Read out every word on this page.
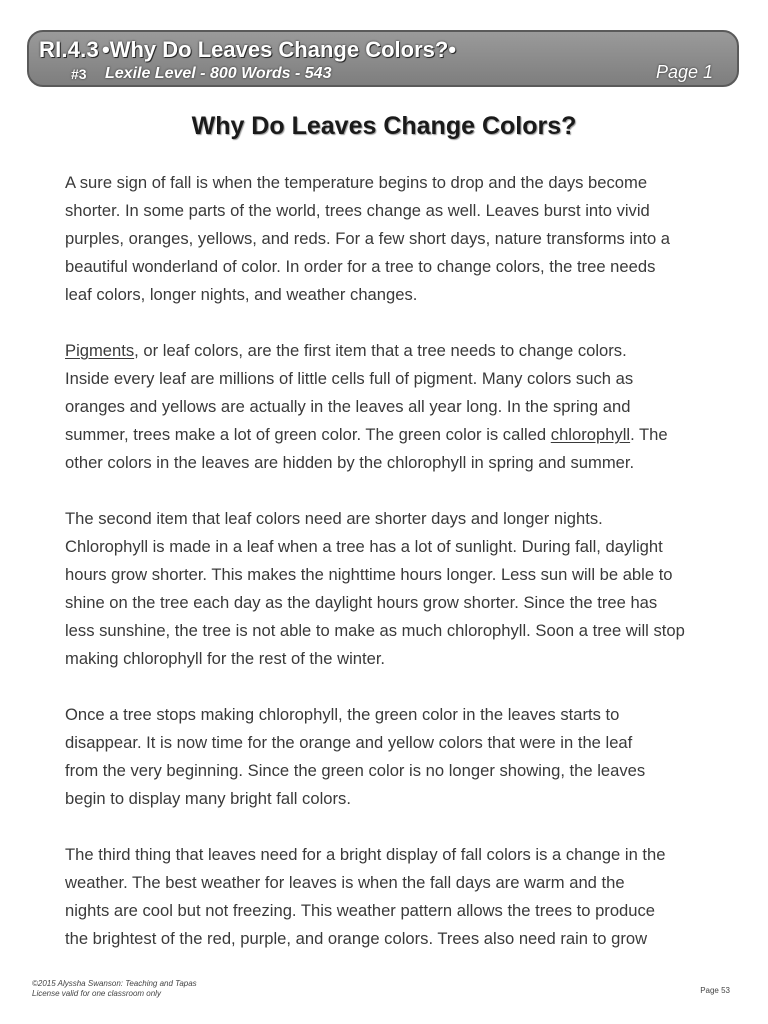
RI.4.3 •Why Do Leaves Change Colors?•
#3 Lexile Level - 800 Words - 543	Page 1
Why Do Leaves Change Colors?

A sure sign of fall is when the temperature begins to drop and the days become
shorter. In some parts of the world, trees change as well. Leaves burst into vivid
purples, oranges, yellows, and reds. For a few short days, nature transforms into a
beautiful wonderland of color. In order for a tree to change colors, the tree needs
leaf colors, longer nights, and weather changes.

Pigments, or leaf colors, are the first item that a tree needs to change colors.
Inside every leaf are millions of little cells full of pigment. Many colors such as
oranges and yellows are actually in the leaves all year long. In the spring and
summer, trees make a lot of green color. The green color is called chlorophyll. The
other colors in the leaves are hidden by the chlorophyll in spring and summer.

The second item that leaf colors need are shorter days and longer nights.
Chlorophyll is made in a leaf when a tree has a lot of sunlight. During fall, daylight
hours grow shorter. This makes the nighttime hours longer. Less sun will be able to
shine on the tree each day as the daylight hours grow shorter. Since the tree has
less sunshine, the tree is not able to make as much chlorophyll. Soon a tree will stop
making chlorophyll for the rest of the winter.

Once a tree stops making chlorophyll, the green color in the leaves starts to
disappear. It is now time for the orange and yellow colors that were in the leaf
from the very beginning. Since the green color is no longer showing, the leaves
begin to display many bright fall colors.

The third thing that leaves need for a bright display of fall colors is a change in the
weather. The best weather for leaves is when the fall days are warm and the
nights are cool but not freezing. This weather pattern allows the trees to produce
the brightest of the red, purple, and orange colors. Trees also need rain to grow

©2015 Alyssha Swanson: Teaching and Tapas
License valid for one classroom only	Page 53
